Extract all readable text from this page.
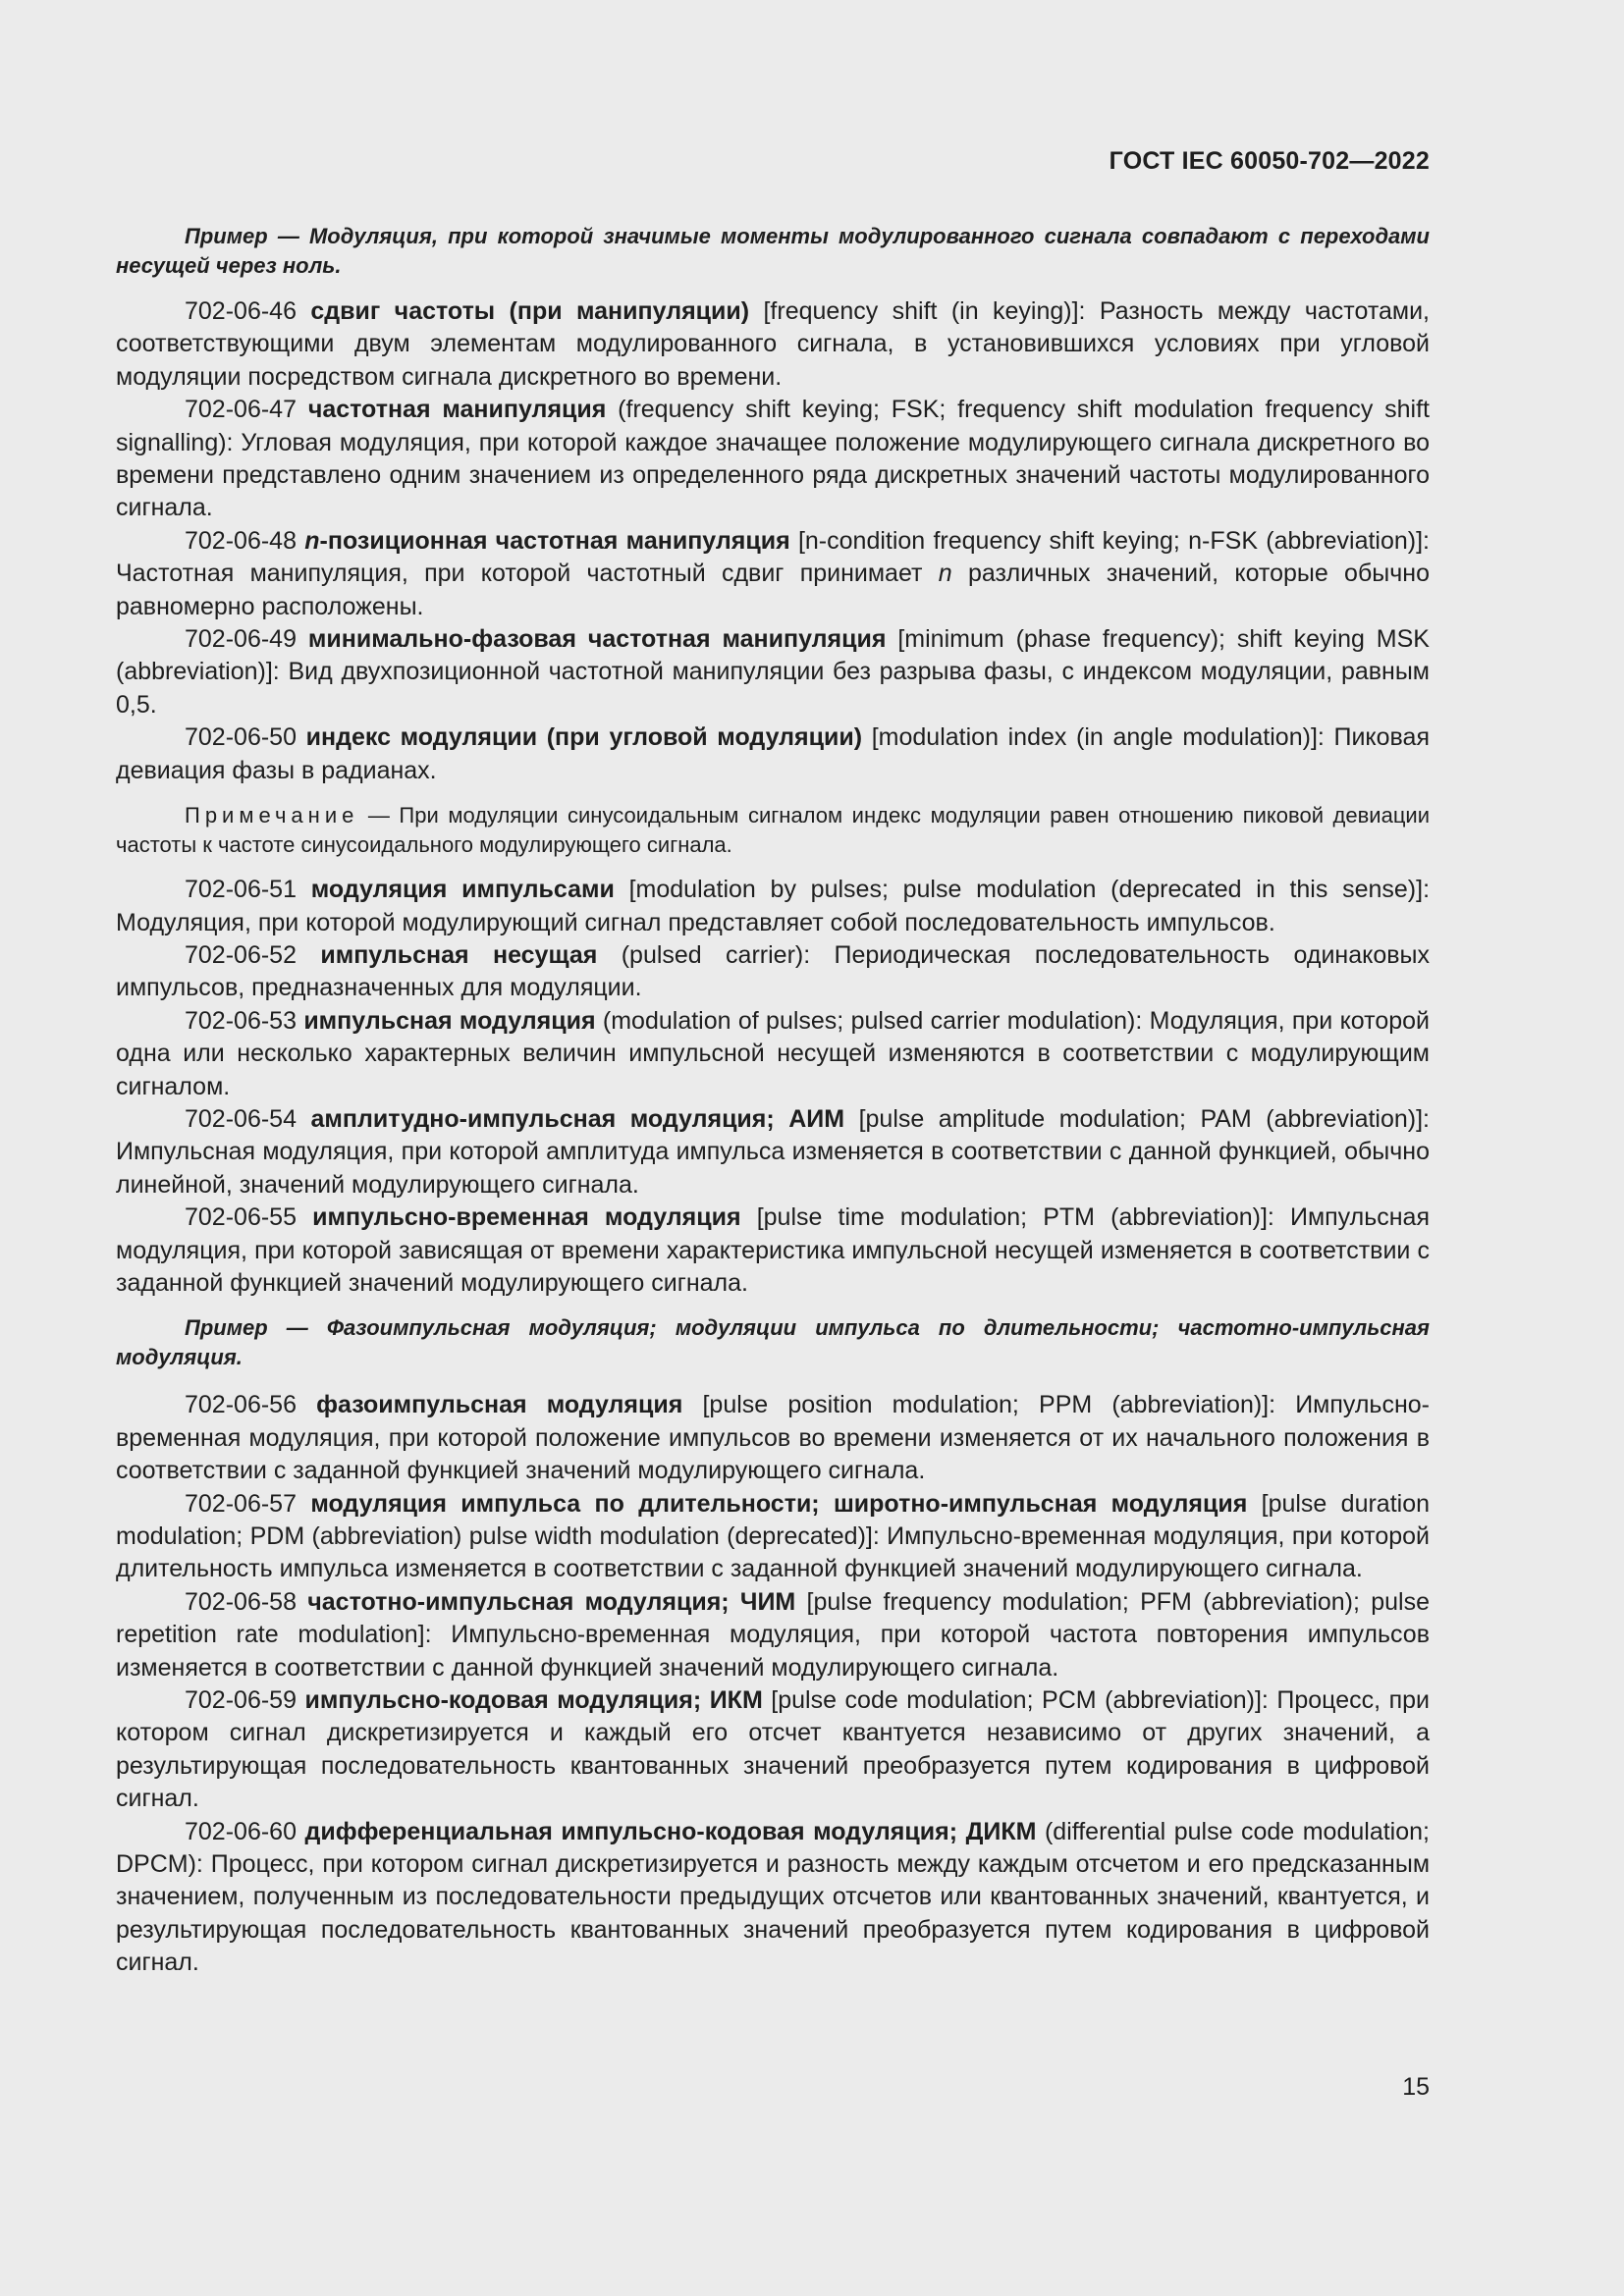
ГОСТ IEC 60050-702—2022

Пример — Модуляция, при которой значимые моменты модулированного сигнала совпадают с переходами несущей через ноль.

702-06-46 сдвиг частоты (при манипуляции) [frequency shift (in keying)]: Разность между частотами, соответствующими двум элементам модулированного сигнала, в установившихся условиях при угловой модуляции посредством сигнала дискретного во времени.

702-06-47 частотная манипуляция (frequency shift keying; FSK; frequency shift modulation frequency shift signalling): Угловая модуляция, при которой каждое значащее положение модулирующего сигнала дискретного во времени представлено одним значением из определенного ряда дискретных значений частоты модулированного сигнала.

702-06-48 n-позиционная частотная манипуляция [n-condition frequency shift keying; n-FSK (abbreviation)]: Частотная манипуляция, при которой частотный сдвиг принимает n различных значений, которые обычно равномерно расположены.

702-06-49 минимально-фазовая частотная манипуляция [minimum (phase frequency); shift keying MSK (abbreviation)]: Вид двухпозиционной частотной манипуляции без разрыва фазы, с индексом модуляции, равным 0,5.

702-06-50 индекс модуляции (при угловой модуляции) [modulation index (in angle modulation)]: Пиковая девиация фазы в радианах.

Примечание — При модуляции синусоидальным сигналом индекс модуляции равен отношению пиковой девиации частоты к частоте синусоидального модулирующего сигнала.

702-06-51 модуляция импульсами [modulation by pulses; pulse modulation (deprecated in this sense)]: Модуляция, при которой модулирующий сигнал представляет собой последовательность импульсов.

702-06-52 импульсная несущая (pulsed carrier): Периодическая последовательность одинаковых импульсов, предназначенных для модуляции.

702-06-53 импульсная модуляция (modulation of pulses; pulsed carrier modulation): Модуляция, при которой одна или несколько характерных величин импульсной несущей изменяются в соответствии с модулирующим сигналом.

702-06-54 амплитудно-импульсная модуляция; АИМ [pulse amplitude modulation; PAM (abbreviation)]: Импульсная модуляция, при которой амплитуда импульса изменяется в соответствии с данной функцией, обычно линейной, значений модулирующего сигнала.

702-06-55 импульсно-временная модуляция [pulse time modulation; PTM (abbreviation)]: Импульсная модуляция, при которой зависящая от времени характеристика импульсной несущей изменяется в соответствии с заданной функцией значений модулирующего сигнала.

Пример — Фазоимпульсная модуляция; модуляции импульса по длительности; частотно-импульсная модуляция.

702-06-56 фазоимпульсная модуляция [pulse position modulation; PPM (abbreviation)]: Импульсно-временная модуляция, при которой положение импульсов во времени изменяется от их начального положения в соответствии с заданной функцией значений модулирующего сигнала.

702-06-57 модуляция импульса по длительности; широтно-импульсная модуляция [pulse duration modulation; PDM (abbreviation) pulse width modulation (deprecated)]: Импульсно-временная модуляция, при которой длительность импульса изменяется в соответствии с заданной функцией значений модулирующего сигнала.

702-06-58 частотно-импульсная модуляция; ЧИМ [pulse frequency modulation; PFM (abbreviation); pulse repetition rate modulation]: Импульсно-временная модуляция, при которой частота повторения импульсов изменяется в соответствии с данной функцией значений модулирующего сигнала.

702-06-59 импульсно-кодовая модуляция; ИКМ [pulse code modulation; PCM (abbreviation)]: Процесс, при котором сигнал дискретизируется и каждый его отсчет квантуется независимо от других значений, а результирующая последовательность квантованных значений преобразуется путем кодирования в цифровой сигнал.

702-06-60 дифференциальная импульсно-кодовая модуляция; ДИКМ (differential pulse code modulation; DPCM): Процесс, при котором сигнал дискретизируется и разность между каждым отсчетом и его предсказанным значением, полученным из последовательности предыдущих отсчетов или квантованных значений, квантуется, и результирующая последовательность квантованных значений преобразуется путем кодирования в цифровой сигнал.

15
